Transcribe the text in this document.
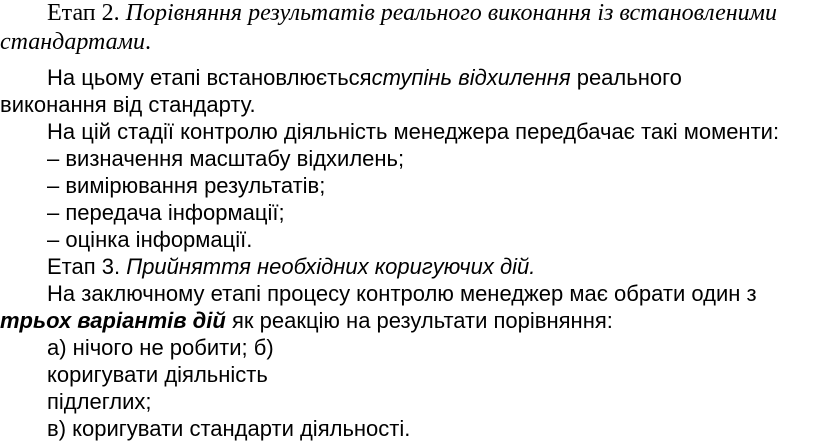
Етап 2. Порівняння результатів реального виконання із встановленими
стандартами.
На цьому етапі встановлюєтьсяступінь відхилення реального
виконання від стандарту.
На цій стадії контролю діяльність менеджера передбачає такі моменти:
– визначення масштабу відхилень;
– вимірювання результатів;
– передача інформації;
– оцінка інформації.
Етап 3. Прийняття необхідних коригуючих дій.
На заключному етапі процесу контролю менеджер має обрати один з
трьох варіантів дій як реакцію на результати порівняння:
а) нічого не робити; б)
коригувати діяльність
підлеглих;
в) коригувати стандарти діяльності.
